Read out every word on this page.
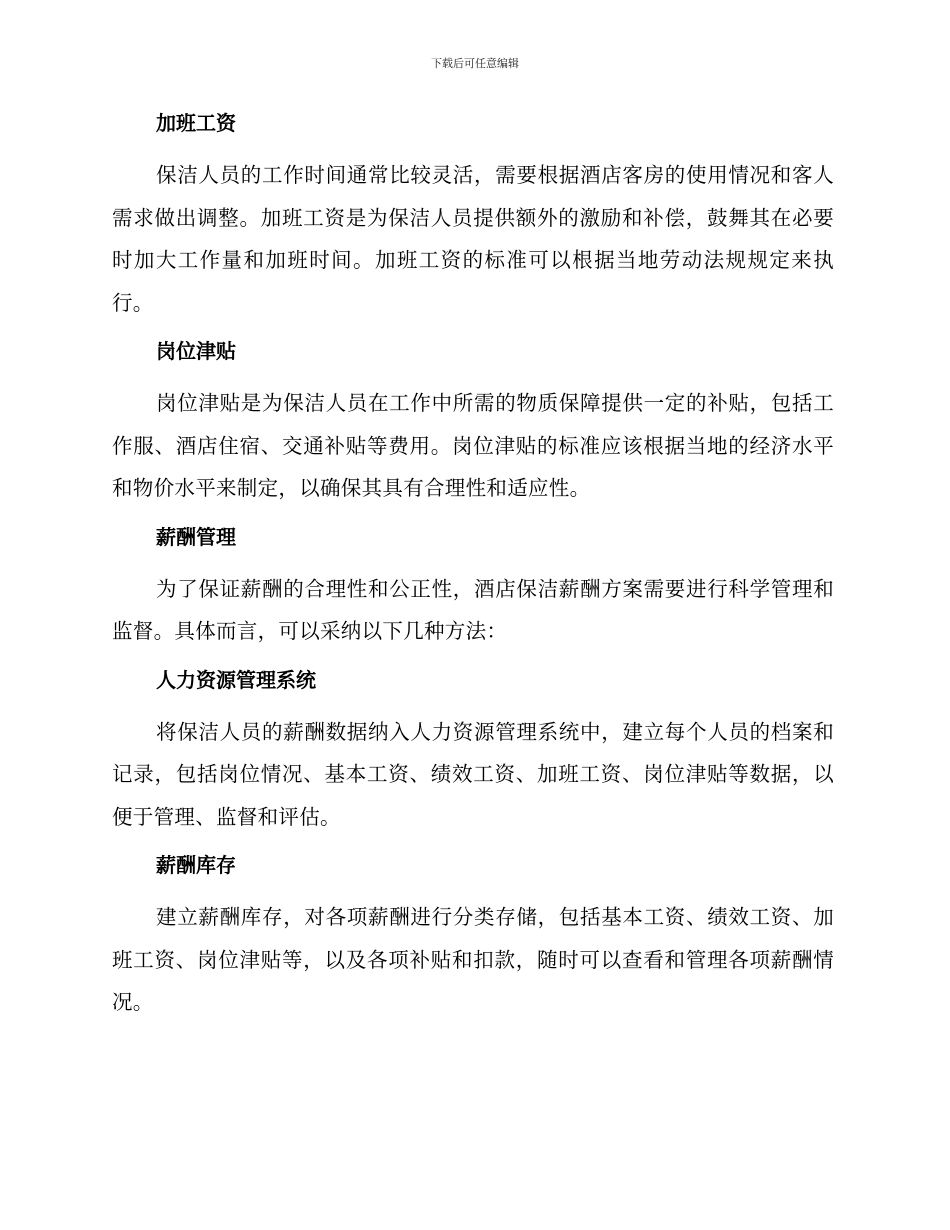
下载后可任意编辑
加班工资

保洁人员的工作时间通常比较灵活，需要根据酒店客房的使用情况和客人需求做出调整。加班工资是为保洁人员提供额外的激励和补偿，鼓舞其在必要时加大工作量和加班时间。加班工资的标准可以根据当地劳动法规规定来执行。

岗位津贴

岗位津贴是为保洁人员在工作中所需的物质保障提供一定的补贴，包括工作服、酒店住宿、交通补贴等费用。岗位津贴的标准应该根据当地的经济水平和物价水平来制定，以确保其具有合理性和适应性。

薪酬管理

为了保证薪酬的合理性和公正性，酒店保洁薪酬方案需要进行科学管理和监督。具体而言，可以采纳以下几种方法：

人力资源管理系统

将保洁人员的薪酬数据纳入人力资源管理系统中，建立每个人员的档案和记录，包括岗位情况、基本工资、绩效工资、加班工资、岗位津贴等数据，以便于管理、监督和评估。

薪酬库存

建立薪酬库存，对各项薪酬进行分类存储，包括基本工资、绩效工资、加班工资、岗位津贴等，以及各项补贴和扣款，随时可以查看和管理各项薪酬情况。
